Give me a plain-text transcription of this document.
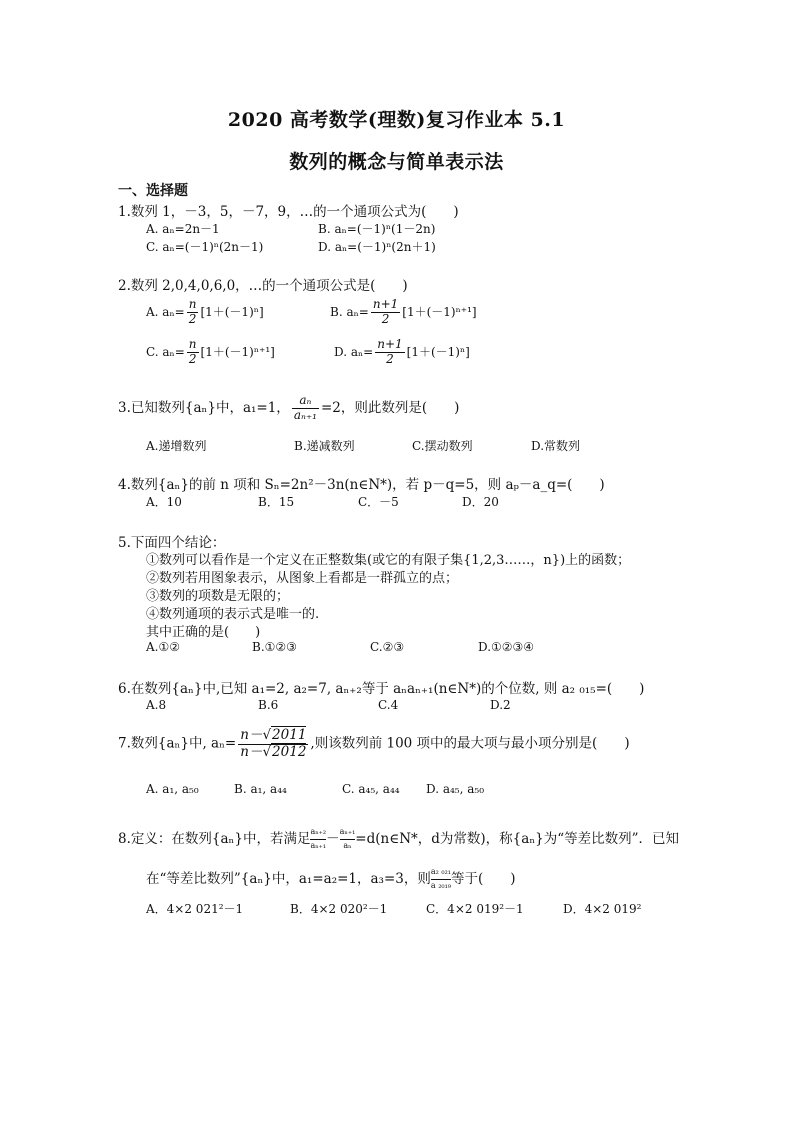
2020 高考数学(理数)复习作业本 5.1
数列的概念与简单表示法
一、选择题
1.数列 1，－3，5，－7，9，…的一个通项公式为(　　)
A. aₙ=2n－1	B. aₙ=(－1)ⁿ(1－2n)
C. aₙ=(－1)ⁿ(2n－1)	D. aₙ=(－1)ⁿ(2n＋1)
2.数列 2,0,4,0,6,0，…的一个通项公式是(　　)
A. $a_n= \frac{n}{2} [1+(-1)^n]$	B. $a_n= \frac{n+1}{2} [1+(-1)^{n+1}]$
C. $a_n= \frac{n}{2} [1+(-1)^{n+1}]$	D. $a_n= \frac{n+1}{2} [1+(-1)^n]$
3.已知数列{aₙ}中，a₁=1， $\frac{\text{aₙ}}{\text{aₙ₊₁}} =2$，则此数列是(　　)
A.递增数列	B.递减数列	C.摆动数列	D.常数列
4.数列{aₙ}的前 n 项和 Sₙ=2n²－3n(n∈N*)，若 p－q=5，则 aₚ－a_q=(　　)
A．10	B．15	C．－5	D．20
5.下面四个结论：
①数列可以看作是一个定义在正整数集(或它的有限子集{1,2,3……，n})上的函数；
②数列若用图象表示，从图象上看都是一群孤立的点；
③数列的项数是无限的；
④数列通项的表示式是唯一的.
其中正确的是(　　)
A.①②	B.①②③	C.②③	D.①②③④
6.在数列{aₙ}中,已知 a₁=2, a₂=7, aₙ₊₂等于 aₙaₙ₊₁(n∈N*)的个位数, 则 a₂ ₀₁₅=(　　)
A.8	B.6	C.4	D.2
7.数列{aₙ}中, $a_n= \frac{n-√2011}{n-√2012}$ ,则该数列前 100 项中的最大项与最小项分别是(　　)
A. a₁, a₅₀	B. a₁, a₄₄	C. a₄₅, a₄₄ D. a₄₅, a₅₀
8.定义：在数列{aₙ}中，若满足 $\frac{\text{aₙ₊₂}}{\text{aₙ₊₁}}-$ $\frac{\text{aₙ₊₁}}{\text{aₙ}}=d(n\in N*$，d为常数)，称{aₙ}为“等差比数列”．已知
在“等差比数列”{aₙ}中，a₁=a₂=1，a₃=3，则 $\frac{\text{a₂ ₀₂₁}}{\text{a ₂₀₁₉}}$等于(　　)
A．4×2 021²－1	B．4×2 020²－1	C．4×2 019²－1	D．4×2 019²
